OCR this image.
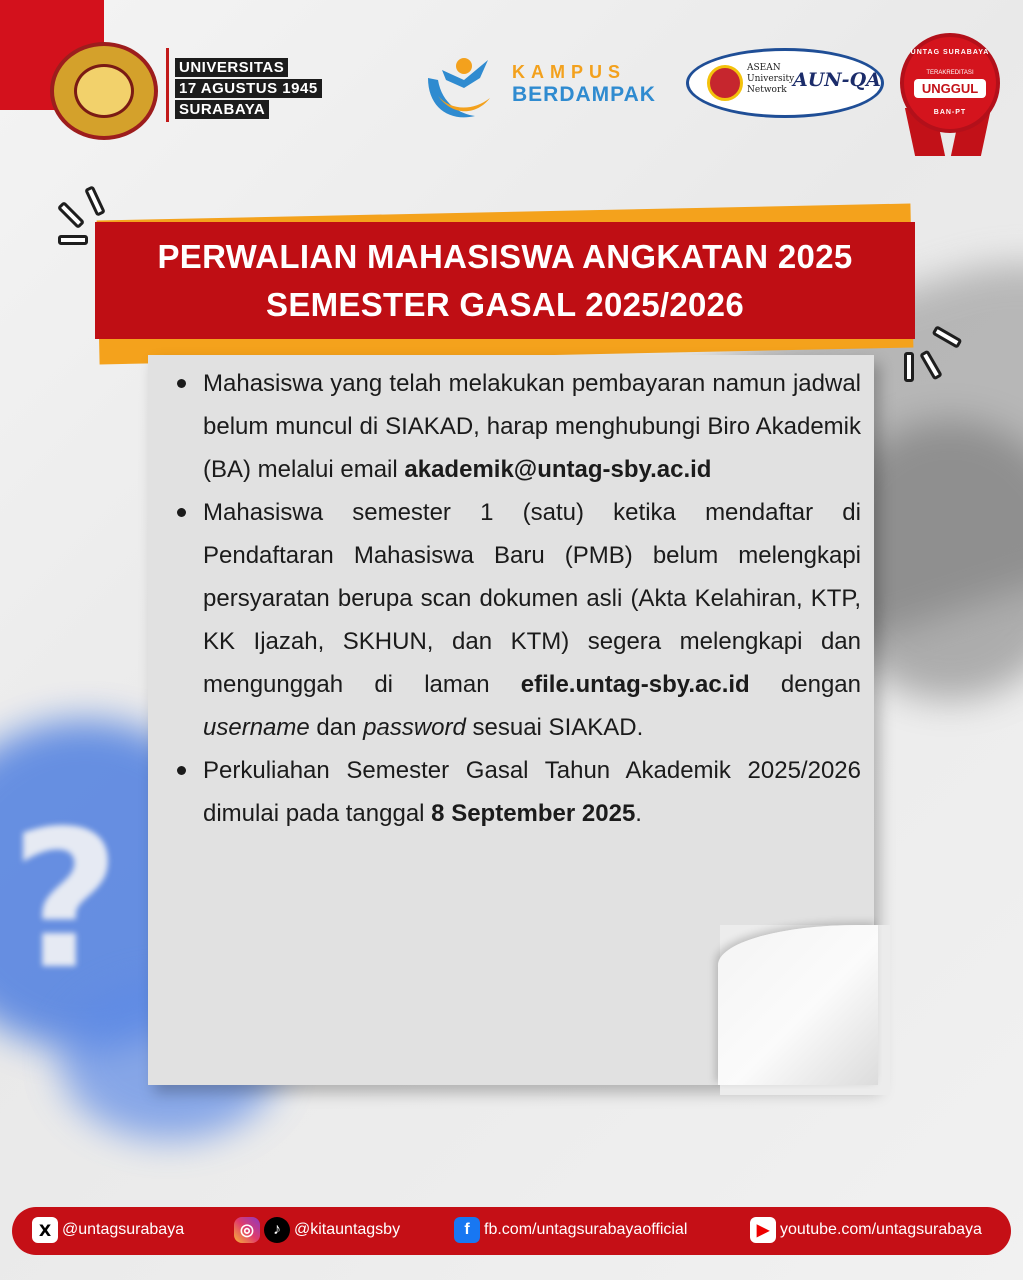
?
UNIVERSITAS
17 AGUSTUS 1945
SURABAYA
KAMPUS
BERDAMPAK
ASEAN
University
Network AUN-QA
UNTAG SURABAYA
TERAKREDITASI
UNGGUL
BAN-PT
PERWALIAN MAHASISWA ANGKATAN 2025
SEMESTER GASAL 2025/2026
Mahasiswa yang telah melakukan pembayaran namun jadwal belum muncul di SIAKAD, harap menghubungi Biro Akademik (BA) melalui email akademik@untag-sby.ac.id
Mahasiswa semester 1 (satu) ketika mendaftar di Pendaftaran Mahasiswa Baru (PMB) belum melengkapi persyaratan berupa scan dokumen asli (Akta Kelahiran, KTP, KK Ijazah, SKHUN, dan KTM) segera melengkapi dan mengunggah di laman efile.untag-sby.ac.id dengan username dan password sesuai SIAKAD.
Perkuliahan Semester Gasal Tahun Akademik 2025/2026 dimulai pada tanggal 8 September 2025.
X @untagsurabaya	◎	♪ @kitauntagsby	f fb.com/untagsurabayaofficial	▶ youtube.com/untagsurabaya
